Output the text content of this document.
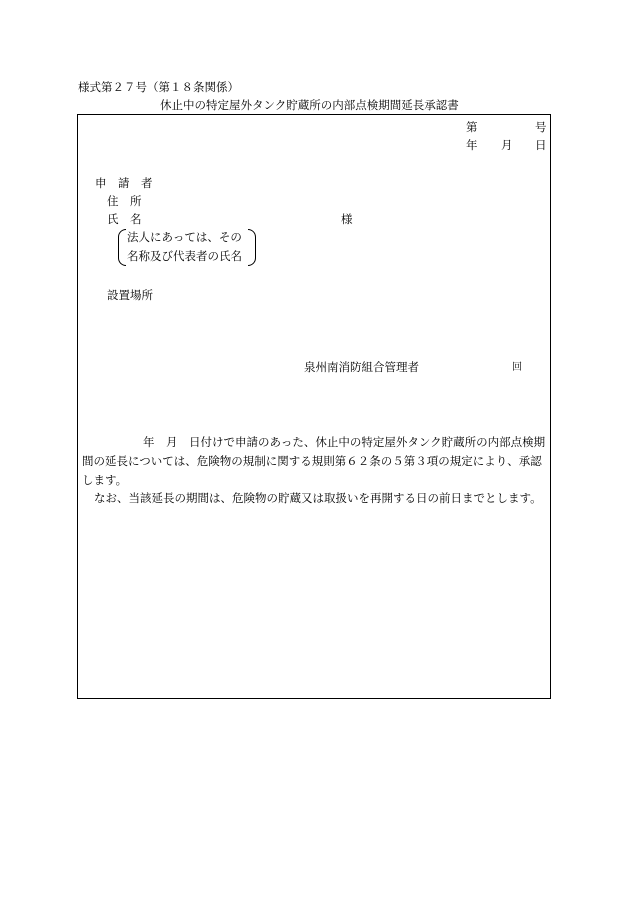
様式第２７号（第１８条関係）
休止中の特定屋外タンク貯蔵所の内部点検期間延長承認書
第	号
年 月 日
申　請　者
住　所
氏　名	様
法人にあっては、その
名称及び代表者の氏名
設置場所
泉州南消防組合管理者	回
年　月　日付けで申請のあった、休止中の特定屋外タンク貯蔵所の内部点検期
間の延長については、危険物の規制に関する規則第６２条の５第３項の規定により、承認
します。
なお、当該延長の期間は、危険物の貯蔵又は取扱いを再開する日の前日までとします。
